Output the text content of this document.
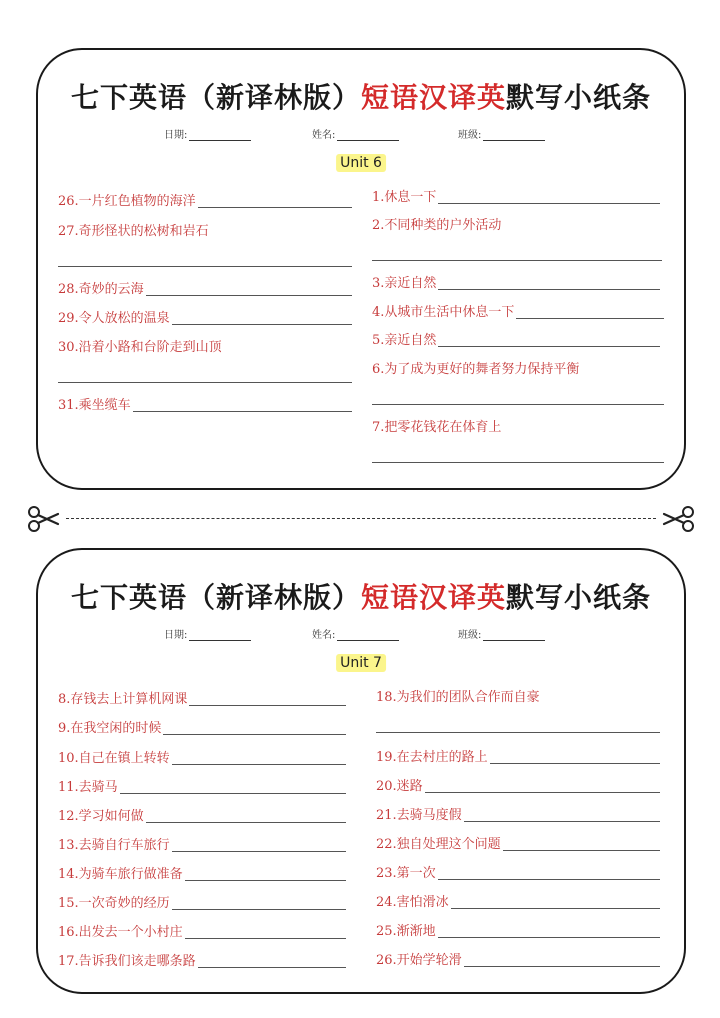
七下英语（新译林版）短语汉译英默写小纸条
日期:	姓名:	班级:
Unit 6
26.一片红色植物的海洋
27.奇形怪状的松树和岩石
28.奇妙的云海
29.令人放松的温泉
30.沿着小路和台阶走到山顶
31.乘坐缆车
1.休息一下
2.不同种类的户外活动
3.亲近自然
4.从城市生活中休息一下
5.亲近自然
6.为了成为更好的舞者努力保持平衡
7.把零花钱花在体育上
七下英语（新译林版）短语汉译英默写小纸条
日期:	姓名:	班级:
Unit 7
8.存钱去上计算机网课
9.在我空闲的时候
10.自己在镇上转转
11.去骑马
12.学习如何做
13.去骑自行车旅行
14.为骑车旅行做准备
15.一次奇妙的经历
16.出发去一个小村庄
17.告诉我们该走哪条路
18.为我们的团队合作而自豪
19.在去村庄的路上
20.迷路
21.去骑马度假
22.独自处理这个问题
23.第一次
24.害怕滑冰
25.渐渐地
26.开始学轮滑
